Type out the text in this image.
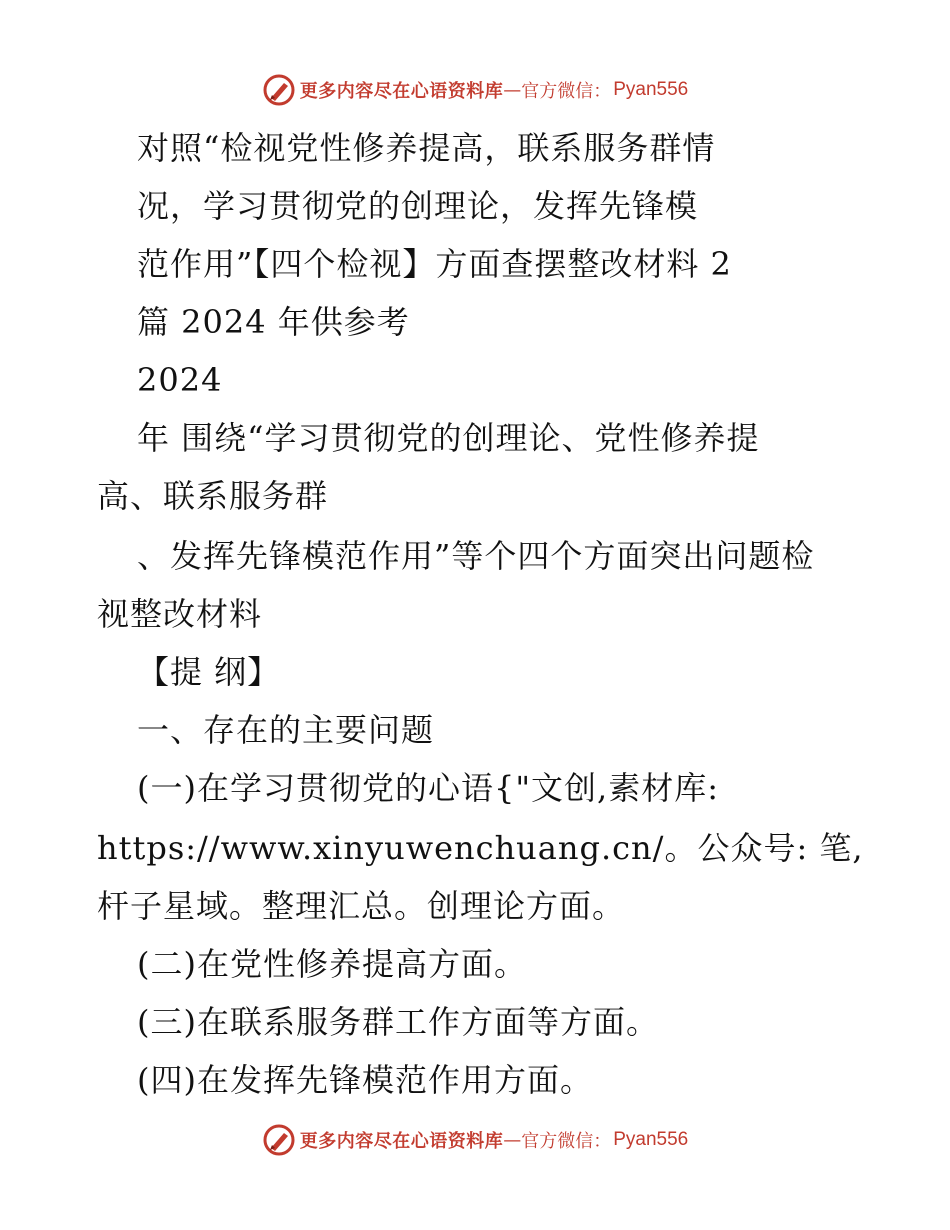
更多内容尽在心语资料库 — 官方微信： Pyan556
对照“检视党性修养提高，联系服务群情
况，学习贯彻党的创理论，发挥先锋模
范作用”【四个检视】方面查摆整改材料 2
篇 2024 年供参考
2024
年 围绕“学习贯彻党的创理论、党性修养提
高、联系服务群
、发挥先锋模范作用”等个四个方面突出问题检
视整改材料
【提 纲】
一、存在的主要问题
(一)在学习贯彻党的心语{"文创,素材库:
https://www.xinyuwenchuang.cn/。公众号: 笔,
杆子星域。整理汇总。创理论方面。
(二)在党性修养提高方面。
(三)在联系服务群工作方面等方面。
(四)在发挥先锋模范作用方面。
更多内容尽在心语资料库 — 官方微信： Pyan556
